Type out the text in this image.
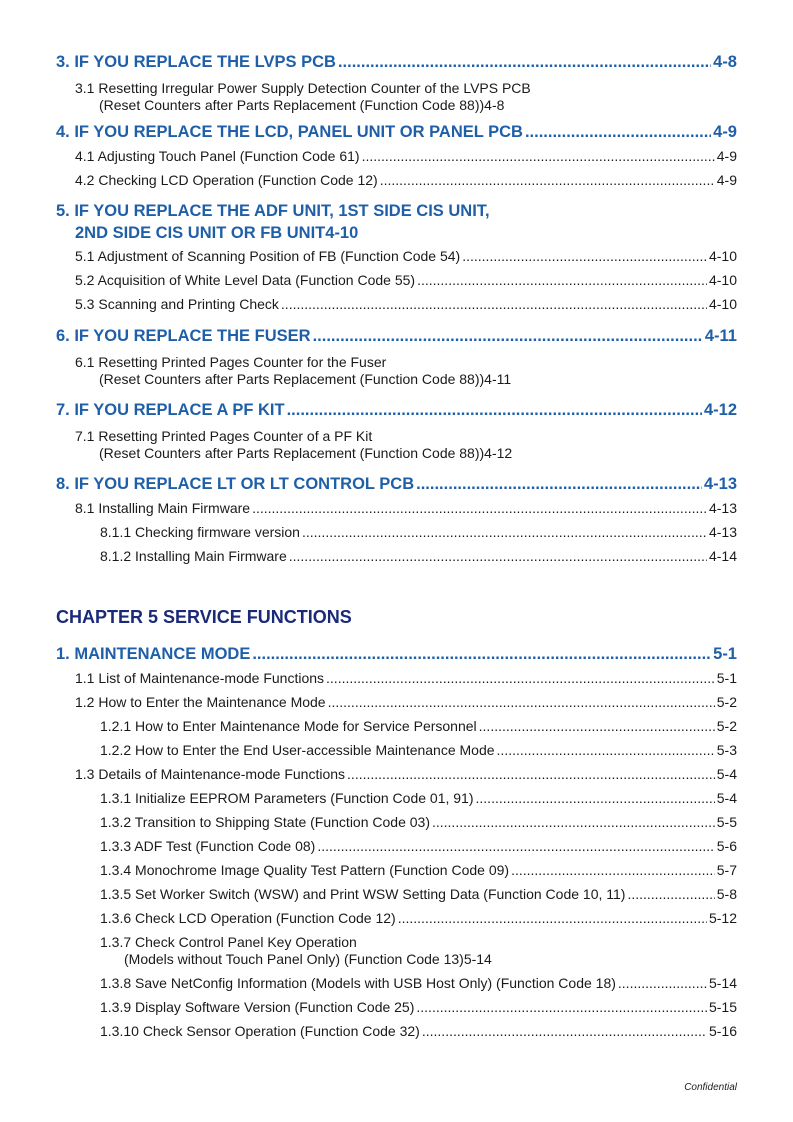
3. IF YOU REPLACE THE LVPS PCB .....	4-8
3.1 Resetting Irregular Power Supply Detection Counter of the LVPS PCB
(Reset Counters after Parts Replacement (Function Code 88)) 4-8
4. IF YOU REPLACE THE LCD, PANEL UNIT OR PANEL PCB .....	4-9
4.1 Adjusting Touch Panel (Function Code 61) .....	4-9
4.2 Checking LCD Operation (Function Code 12) .....	4-9
5. IF YOU REPLACE THE ADF UNIT, 1ST SIDE CIS UNIT,
2ND SIDE CIS UNIT OR FB UNIT 4-10
5.1 Adjustment of Scanning Position of FB (Function Code 54) .....	4-10
5.2 Acquisition of White Level Data (Function Code 55) .....	4-10
5.3 Scanning and Printing Check .....	4-10
6. IF YOU REPLACE THE FUSER .....	4-11
6.1 Resetting Printed Pages Counter for the Fuser
(Reset Counters after Parts Replacement (Function Code 88)) 4-11
7. IF YOU REPLACE A PF KIT .....	4-12
7.1 Resetting Printed Pages Counter of a PF Kit
(Reset Counters after Parts Replacement (Function Code 88)) 4-12
8. IF YOU REPLACE LT OR LT CONTROL PCB .....	4-13
8.1 Installing Main Firmware .....	4-13
8.1.1 Checking firmware version .....	4-13
8.1.2 Installing Main Firmware .....	4-14
CHAPTER 5 SERVICE FUNCTIONS
1. MAINTENANCE MODE .....	5-1
1.1 List of Maintenance-mode Functions .....	5-1
1.2 How to Enter the Maintenance Mode .....	5-2
1.2.1 How to Enter Maintenance Mode for Service Personnel .....	5-2
1.2.2 How to Enter the End User-accessible Maintenance Mode .....	5-3
1.3 Details of Maintenance-mode Functions .....	5-4
1.3.1 Initialize EEPROM Parameters (Function Code 01, 91) .....	5-4
1.3.2 Transition to Shipping State (Function Code 03) .....	5-5
1.3.3 ADF Test (Function Code 08) .....	5-6
1.3.4 Monochrome Image Quality Test Pattern (Function Code 09) .....	5-7
1.3.5 Set Worker Switch (WSW) and Print WSW Setting Data (Function Code 10, 11) .....	5-8
1.3.6 Check LCD Operation (Function Code 12) .....	5-12
1.3.7 Check Control Panel Key Operation
(Models without Touch Panel Only) (Function Code 13) 5-14
1.3.8 Save NetConfig Information (Models with USB Host Only) (Function Code 18) .....	5-14
1.3.9 Display Software Version (Function Code 25) .....	5-15
1.3.10 Check Sensor Operation (Function Code 32) .....	5-16
Confidential
